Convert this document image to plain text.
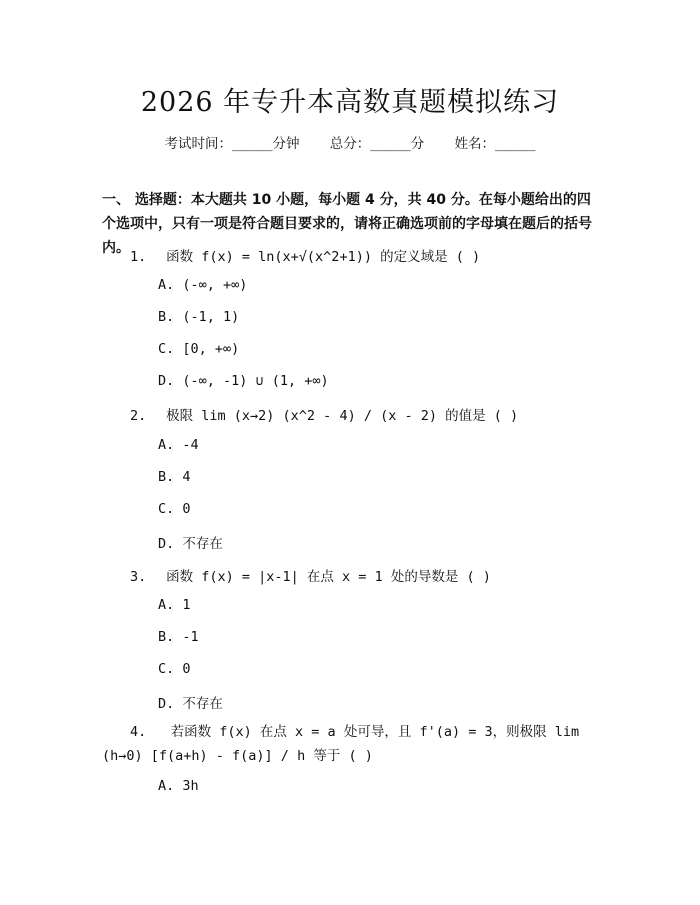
2026 年专升本高数真题模拟练习
考试时间：______分钟 总分：______分 姓名：______
一、 选择题：本大题共 10 小题，每小题 4 分，共 40 分。在每小题给出的四个选项中，只有一项是符合题目要求的，请将正确选项前的字母填在题后的括号内。
1. 函数 f(x) = ln(x+√(x^2+1)) 的定义域是 ( )
A. (-∞, +∞)
B. (-1, 1)
C. [0, +∞)
D. (-∞, -1) ∪ (1, +∞)
2. 极限 lim (x→2) (x^2 - 4) / (x - 2) 的值是 ( )
A. -4
B. 4
C. 0
D. 不存在
3. 函数 f(x) = |x-1| 在点 x = 1 处的导数是 ( )
A. 1
B. -1
C. 0
D. 不存在
4. 若函数 f(x) 在点 x = a 处可导，且 f'(a) = 3，则极限 lim (h→0) [f(a+h) - f(a)] / h 等于 ( )
A. 3h
